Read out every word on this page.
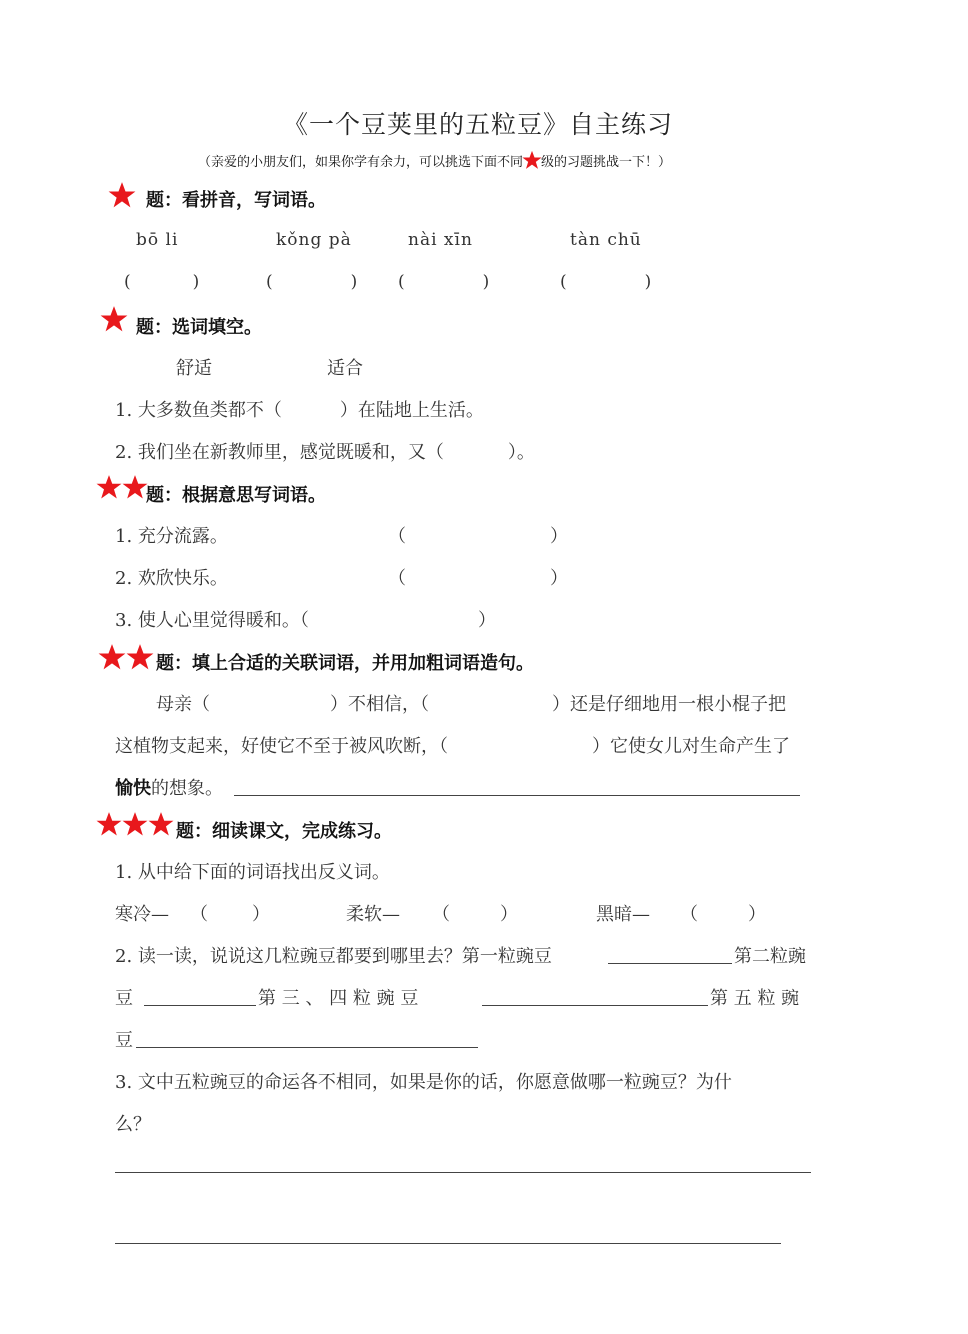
《一个豆荚里的五粒豆》自主练习
（亲爱的小朋友们，如果你学有余力，可以挑选下面不同 级的习题挑战一下！）
题：看拼音，写词语。
bō li	kǒng pà	nài xīn	tàn chū
(	)	(	) (	)	(	)
题：选词填空。
舒适	适合
1. 大多数鱼类都不（	）在陆地上生活。
2. 我们坐在新教师里，感觉既暖和，又（	）。
题：根据意思写词语。
1. 充分流露。	（	）
2. 欢欣快乐。	（	）
3. 使人心里觉得暖和。（	）
题：填上合适的关联词语，并用加粗词语造句。
母亲（	）不相信，（	）还是仔细地用一根小棍子把
这植物支起来，好使它不至于被风吹断，（	）它使女儿对生命产生了
愉快的想象。
题：细读课文，完成练习。
1. 从中给下面的词语找出反义词。
寒冷— （ ）	柔软— （	）	黑暗— （	）
2. 读一读，说说这几粒豌豆都要到哪里去？第一粒豌豆	第二粒豌
豆	第 三 、 四 粒 豌 豆	第 五 粒 豌
豆
3. 文中五粒豌豆的命运各不相同，如果是你的话，你愿意做哪一粒豌豆？为什
么？
